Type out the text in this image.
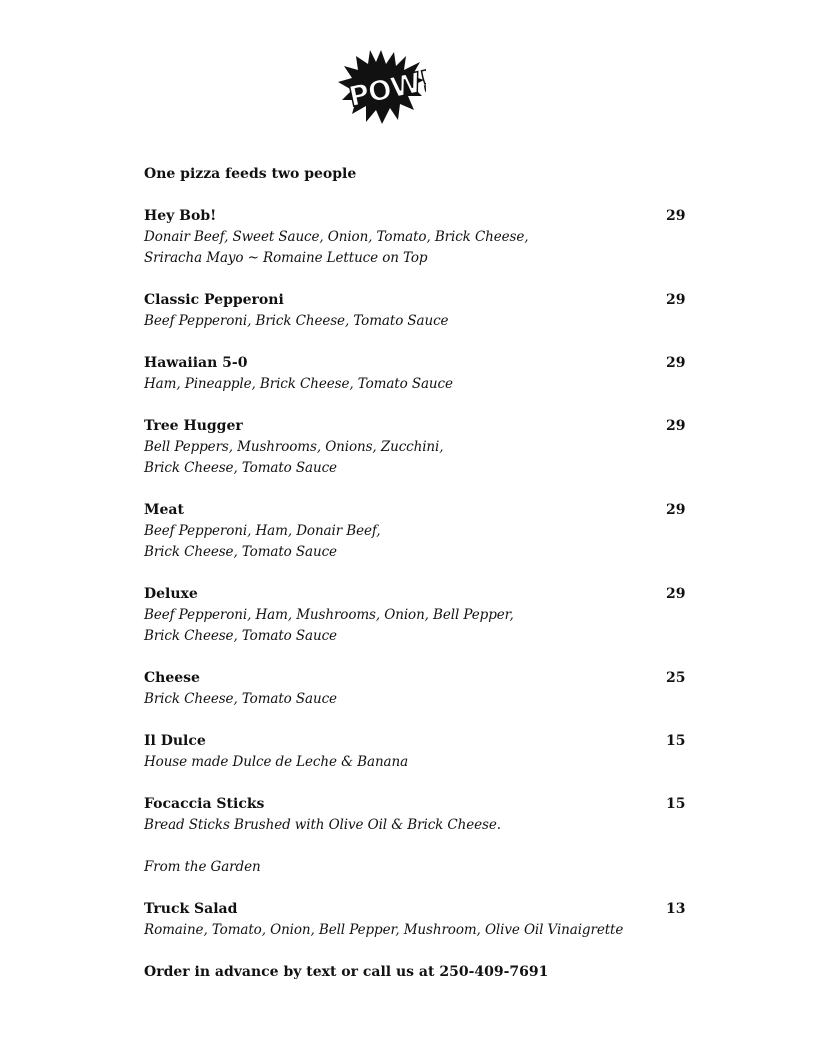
POW!
One pizza feeds two people
Hey Bob!	29
Donair Beef, Sweet Sauce, Onion, Tomato, Brick Cheese,
Sriracha Mayo ~ Romaine Lettuce on Top
Classic Pepperoni	29
Beef Pepperoni, Brick Cheese, Tomato Sauce
Hawaiian 5-0	29
Ham, Pineapple, Brick Cheese, Tomato Sauce
Tree Hugger	29
Bell Peppers, Mushrooms, Onions, Zucchini,
Brick Cheese, Tomato Sauce
Meat	29
Beef Pepperoni, Ham, Donair Beef,
Brick Cheese, Tomato Sauce
Deluxe	29
Beef Pepperoni, Ham, Mushrooms, Onion, Bell Pepper,
Brick Cheese, Tomato Sauce
Cheese	25
Brick Cheese, Tomato Sauce
Il Dulce	15
House made Dulce de Leche & Banana
Focaccia Sticks	15
Bread Sticks Brushed with Olive Oil & Brick Cheese.
From the Garden
Truck Salad	13
Romaine, Tomato, Onion, Bell Pepper, Mushroom, Olive Oil Vinaigrette
Order in advance by text or call us at 250-409-7691
